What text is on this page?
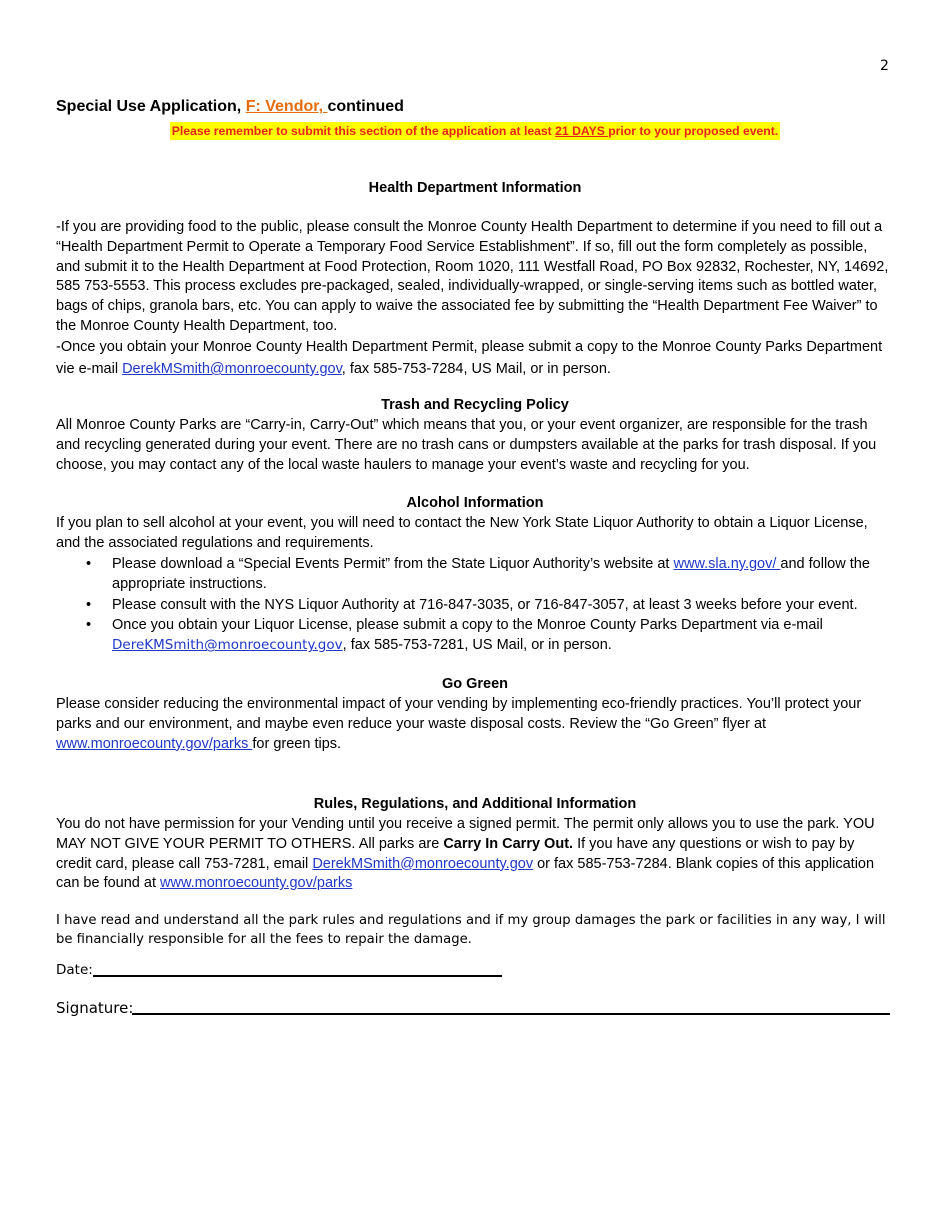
2
Special Use Application, F: Vendor, continued
Please remember to submit this section of the application at least 21 DAYS prior to your proposed event.
Health Department Information
-If you are providing food to the public, please consult the Monroe County Health Department to determine if you need to fill out a “Health Department Permit to Operate a Temporary Food Service Establishment”. If so, fill out the form completely as possible, and submit it to the Health Department at Food Protection, Room 1020, 111 Westfall Road, PO Box 92832, Rochester, NY, 14692, 585 753-5553. This process excludes pre-packaged, sealed, individually-wrapped, or single-serving items such as bottled water, bags of chips, granola bars, etc. You can apply to waive the associated fee by submitting the “Health Department Fee Waiver” to the Monroe County Health Department, too.
-Once you obtain your Monroe County Health Department Permit, please submit a copy to the Monroe County Parks Department vie e-mail DerekMSmith@monroecounty.gov, fax 585-753-7284, US Mail, or in person.
Trash and Recycling Policy
All Monroe County Parks are “Carry-in, Carry-Out” which means that you, or your event organizer, are responsible for the trash and recycling generated during your event. There are no trash cans or dumpsters available at the parks for trash disposal. If you choose, you may contact any of the local waste haulers to manage your event’s waste and recycling for you.
Alcohol Information
If you plan to sell alcohol at your event, you will need to contact the New York State Liquor Authority to obtain a Liquor License, and the associated regulations and requirements.
• Please download a “Special Events Permit” from the State Liquor Authority’s website at www.sla.ny.gov/ and follow the appropriate instructions.
• Please consult with the NYS Liquor Authority at 716-847-3035, or 716-847-3057, at least 3 weeks before your event.
• Once you obtain your Liquor License, please submit a copy to the Monroe County Parks Department via e-mail DereKMSmith@monroecounty.gov, fax 585-753-7281, US Mail, or in person.
Go Green
Please consider reducing the environmental impact of your vending by implementing eco-friendly practices. You’ll protect your parks and our environment, and maybe even reduce your waste disposal costs. Review the “Go Green” flyer at www.monroecounty.gov/parks for green tips.
Rules, Regulations, and Additional Information
You do not have permission for your Vending until you receive a signed permit. The permit only allows you to use the park. YOU MAY NOT GIVE YOUR PERMIT TO OTHERS. All parks are Carry In Carry Out. If you have any questions or wish to pay by credit card, please call 753-7281, email DerekMSmith@monroecounty.gov or fax 585-753-7284. Blank copies of this application can be found at www.monroecounty.gov/parks
I have read and understand all the park rules and regulations and if my group damages the park or facilities in any way, I will be financially responsible for all the fees to repair the damage.
Date:
Signature:
